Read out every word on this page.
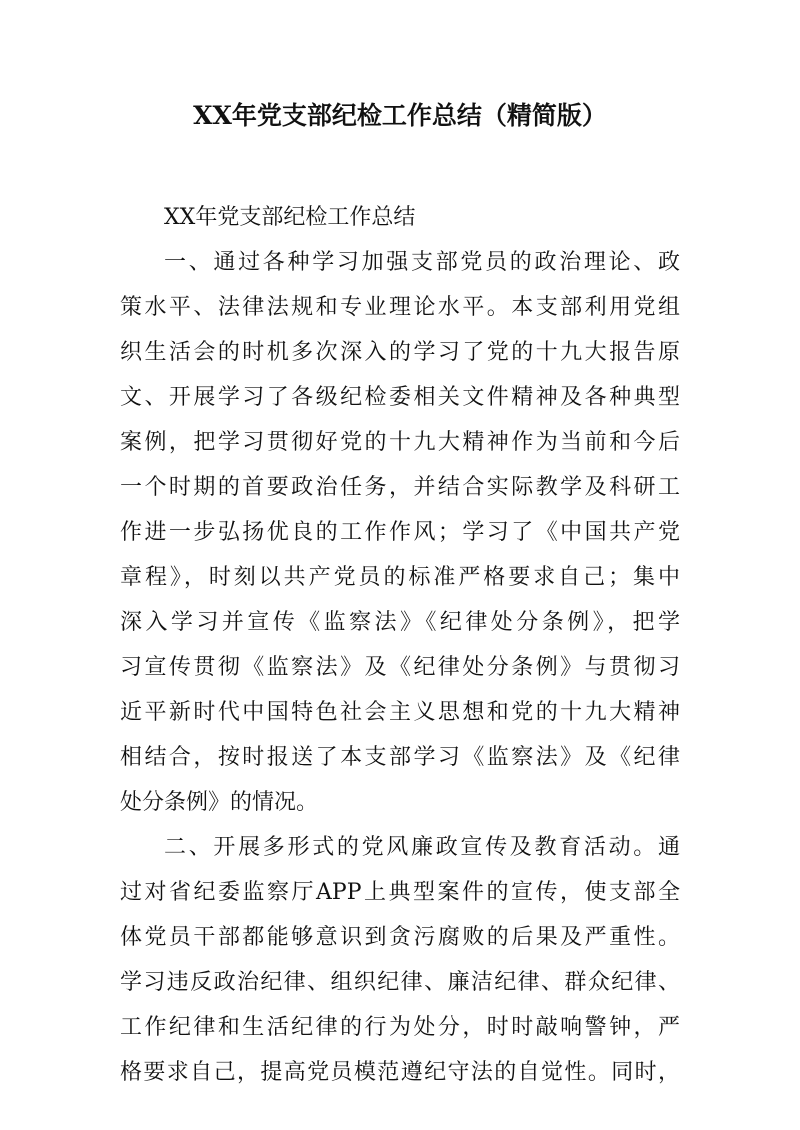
XX年党支部纪检工作总结（精简版）
XX年党支部纪检工作总结
一、通过各种学习加强支部党员的政治理论、政
策水平、法律法规和专业理论水平。本支部利用党组
织生活会的时机多次深入的学习了党的十九大报告原
文、开展学习了各级纪检委相关文件精神及各种典型
案例，把学习贯彻好党的十九大精神作为当前和今后
一个时期的首要政治任务，并结合实际教学及科研工
作进一步弘扬优良的工作作风；学习了《中国共产党
章程》，时刻以共产党员的标准严格要求自己；集中
深入学习并宣传《监察法》《纪律处分条例》，把学
习宣传贯彻《监察法》及《纪律处分条例》与贯彻习
近平新时代中国特色社会主义思想和党的十九大精神
相结合，按时报送了本支部学习《监察法》及《纪律
处分条例》的情况。
二、开展多形式的党风廉政宣传及教育活动。通
过对省纪委监察厅APP上典型案件的宣传，使支部全
体党员干部都能够意识到贪污腐败的后果及严重性。
学习违反政治纪律、组织纪律、廉洁纪律、群众纪律、
工作纪律和生活纪律的行为处分，时时敲响警钟，严
格要求自己，提高党员模范遵纪守法的自觉性。同时，
